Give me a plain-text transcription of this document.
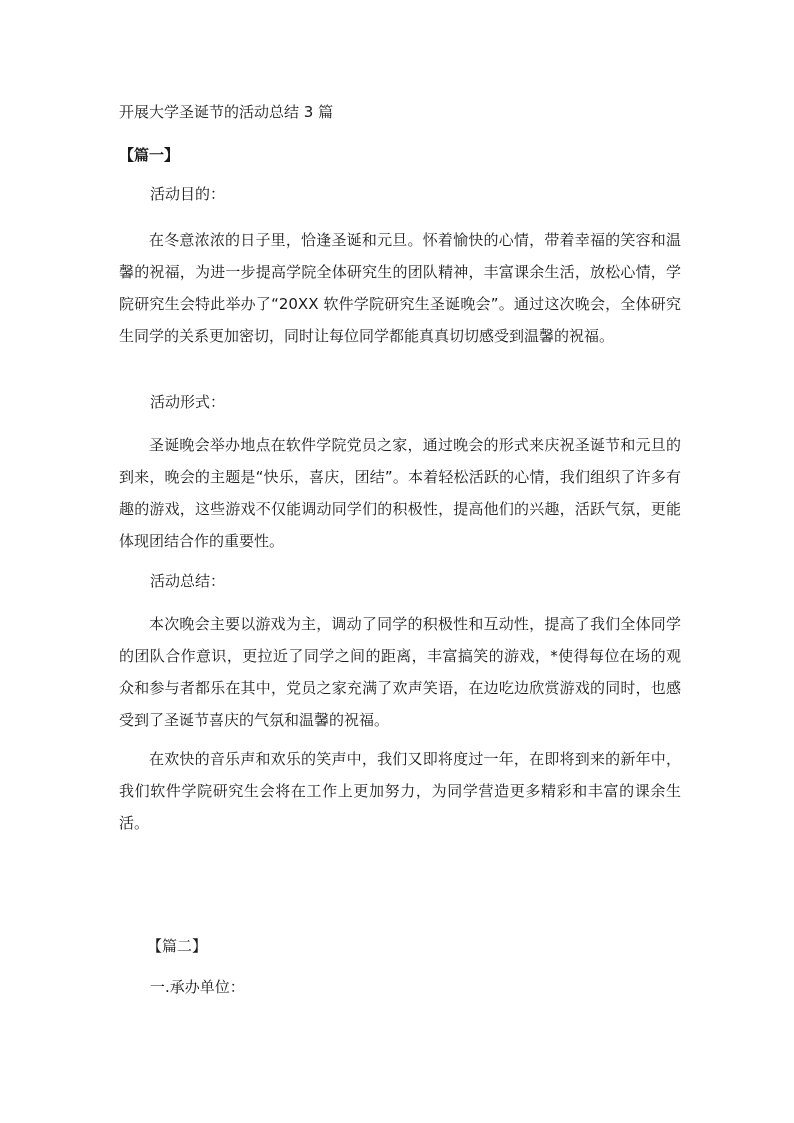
开展大学圣诞节的活动总结 3 篇
【篇一】
活动目的：
在冬意浓浓的日子里，恰逢圣诞和元旦。怀着愉快的心情，带着幸福的笑容和温馨的祝福，为进一步提高学院全体研究生的团队精神，丰富课余生活，放松心情，学院研究生会特此举办了“20XX 软件学院研究生圣诞晚会”。通过这次晚会，全体研究生同学的关系更加密切，同时让每位同学都能真真切切感受到温馨的祝福。
活动形式：
圣诞晚会举办地点在软件学院党员之家，通过晚会的形式来庆祝圣诞节和元旦的到来，晚会的主题是“快乐，喜庆，团结”。本着轻松活跃的心情，我们组织了许多有趣的游戏，这些游戏不仅能调动同学们的积极性，提高他们的兴趣，活跃气氛，更能体现团结合作的重要性。
活动总结：
本次晚会主要以游戏为主，调动了同学的积极性和互动性，提高了我们全体同学的团队合作意识，更拉近了同学之间的距离，丰富搞笑的游戏，*使得每位在场的观众和参与者都乐在其中，党员之家充满了欢声笑语，在边吃边欣赏游戏的同时，也感受到了圣诞节喜庆的气氛和温馨的祝福。
在欢快的音乐声和欢乐的笑声中，我们又即将度过一年，在即将到来的新年中，我们软件学院研究生会将在工作上更加努力，为同学营造更多精彩和丰富的课余生活。
【篇二】
一.承办单位：
